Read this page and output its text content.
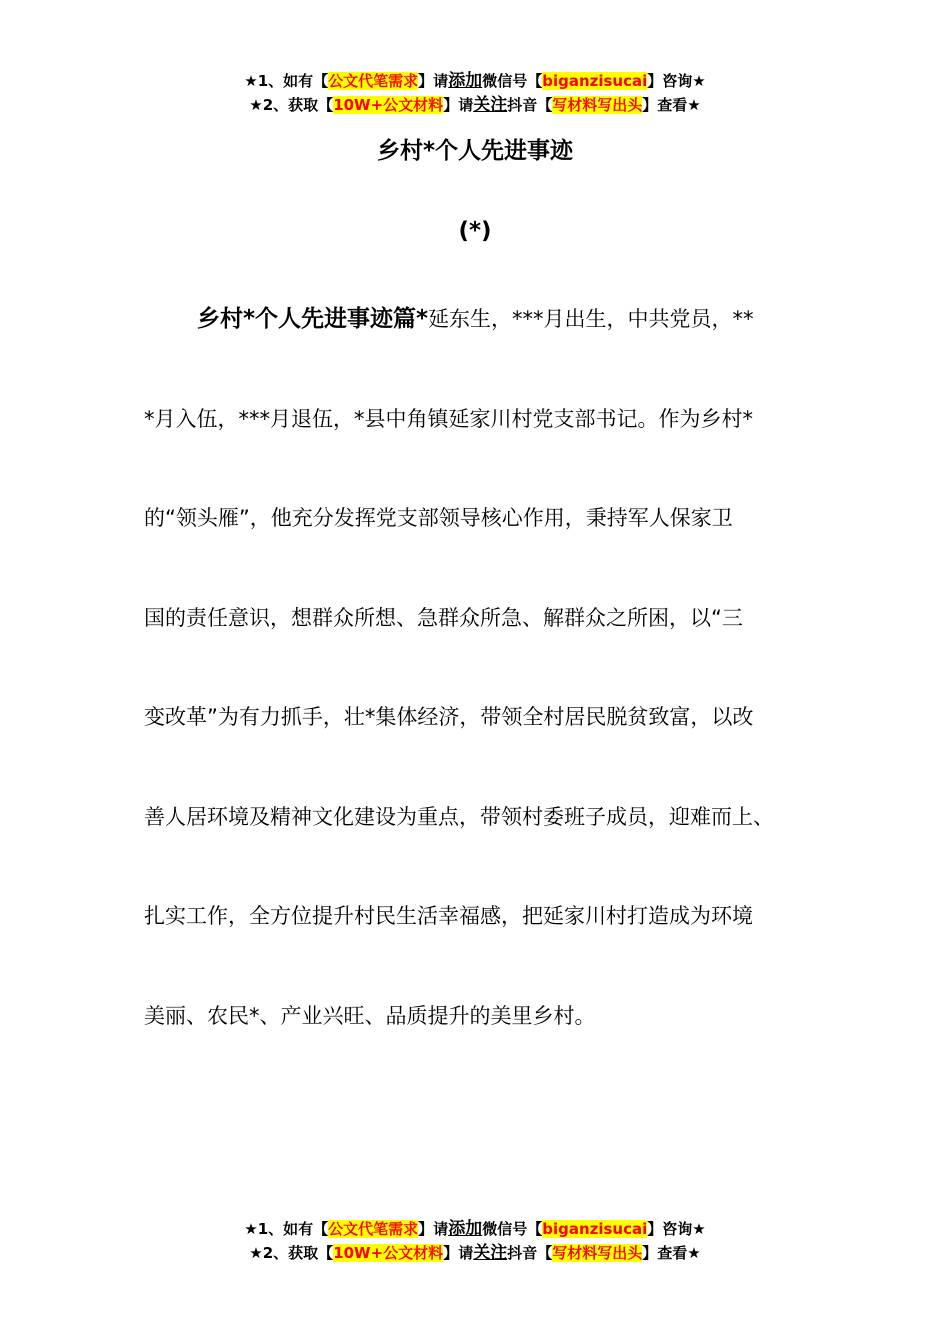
★1、如有【公文代笔需求】请添加微信号【biganzisucai】咨询★
★2、获取【10W+公文材料】请关注抖音【写材料写出头】查看★
乡村*个人先进事迹
(*)
乡村*个人先进事迹篇*延东生，***月出生，中共党员，**
*月入伍，***月退伍，*县中角镇延家川村党支部书记。作为乡村*
的“领头雁”，他充分发挥党支部领导核心作用，秉持军人保家卫
国的责任意识，想群众所想、急群众所急、解群众之所困，以“三
变改革”为有力抓手，壮*集体经济，带领全村居民脱贫致富，以改
善人居环境及精神文化建设为重点，带领村委班子成员，迎难而上、
扎实工作，全方位提升村民生活幸福感，把延家川村打造成为环境
美丽、农民*、产业兴旺、品质提升的美里乡村。
★1、如有【公文代笔需求】请添加微信号【biganzisucai】咨询★
★2、获取【10W+公文材料】请关注抖音【写材料写出头】查看★
